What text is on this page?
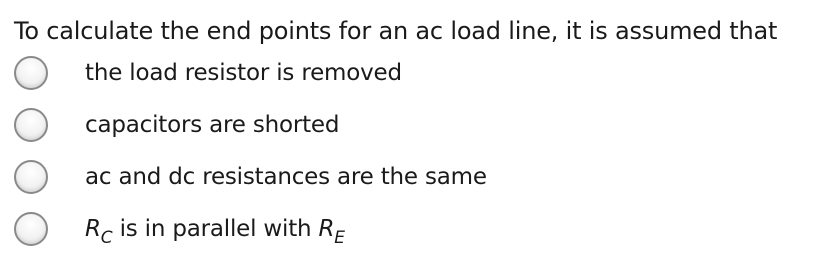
To calculate the end points for an ac load line, it is assumed that
the load resistor is removed
capacitors are shorted
ac and dc resistances are the same
$R_C$ is in parallel with $R_E$
